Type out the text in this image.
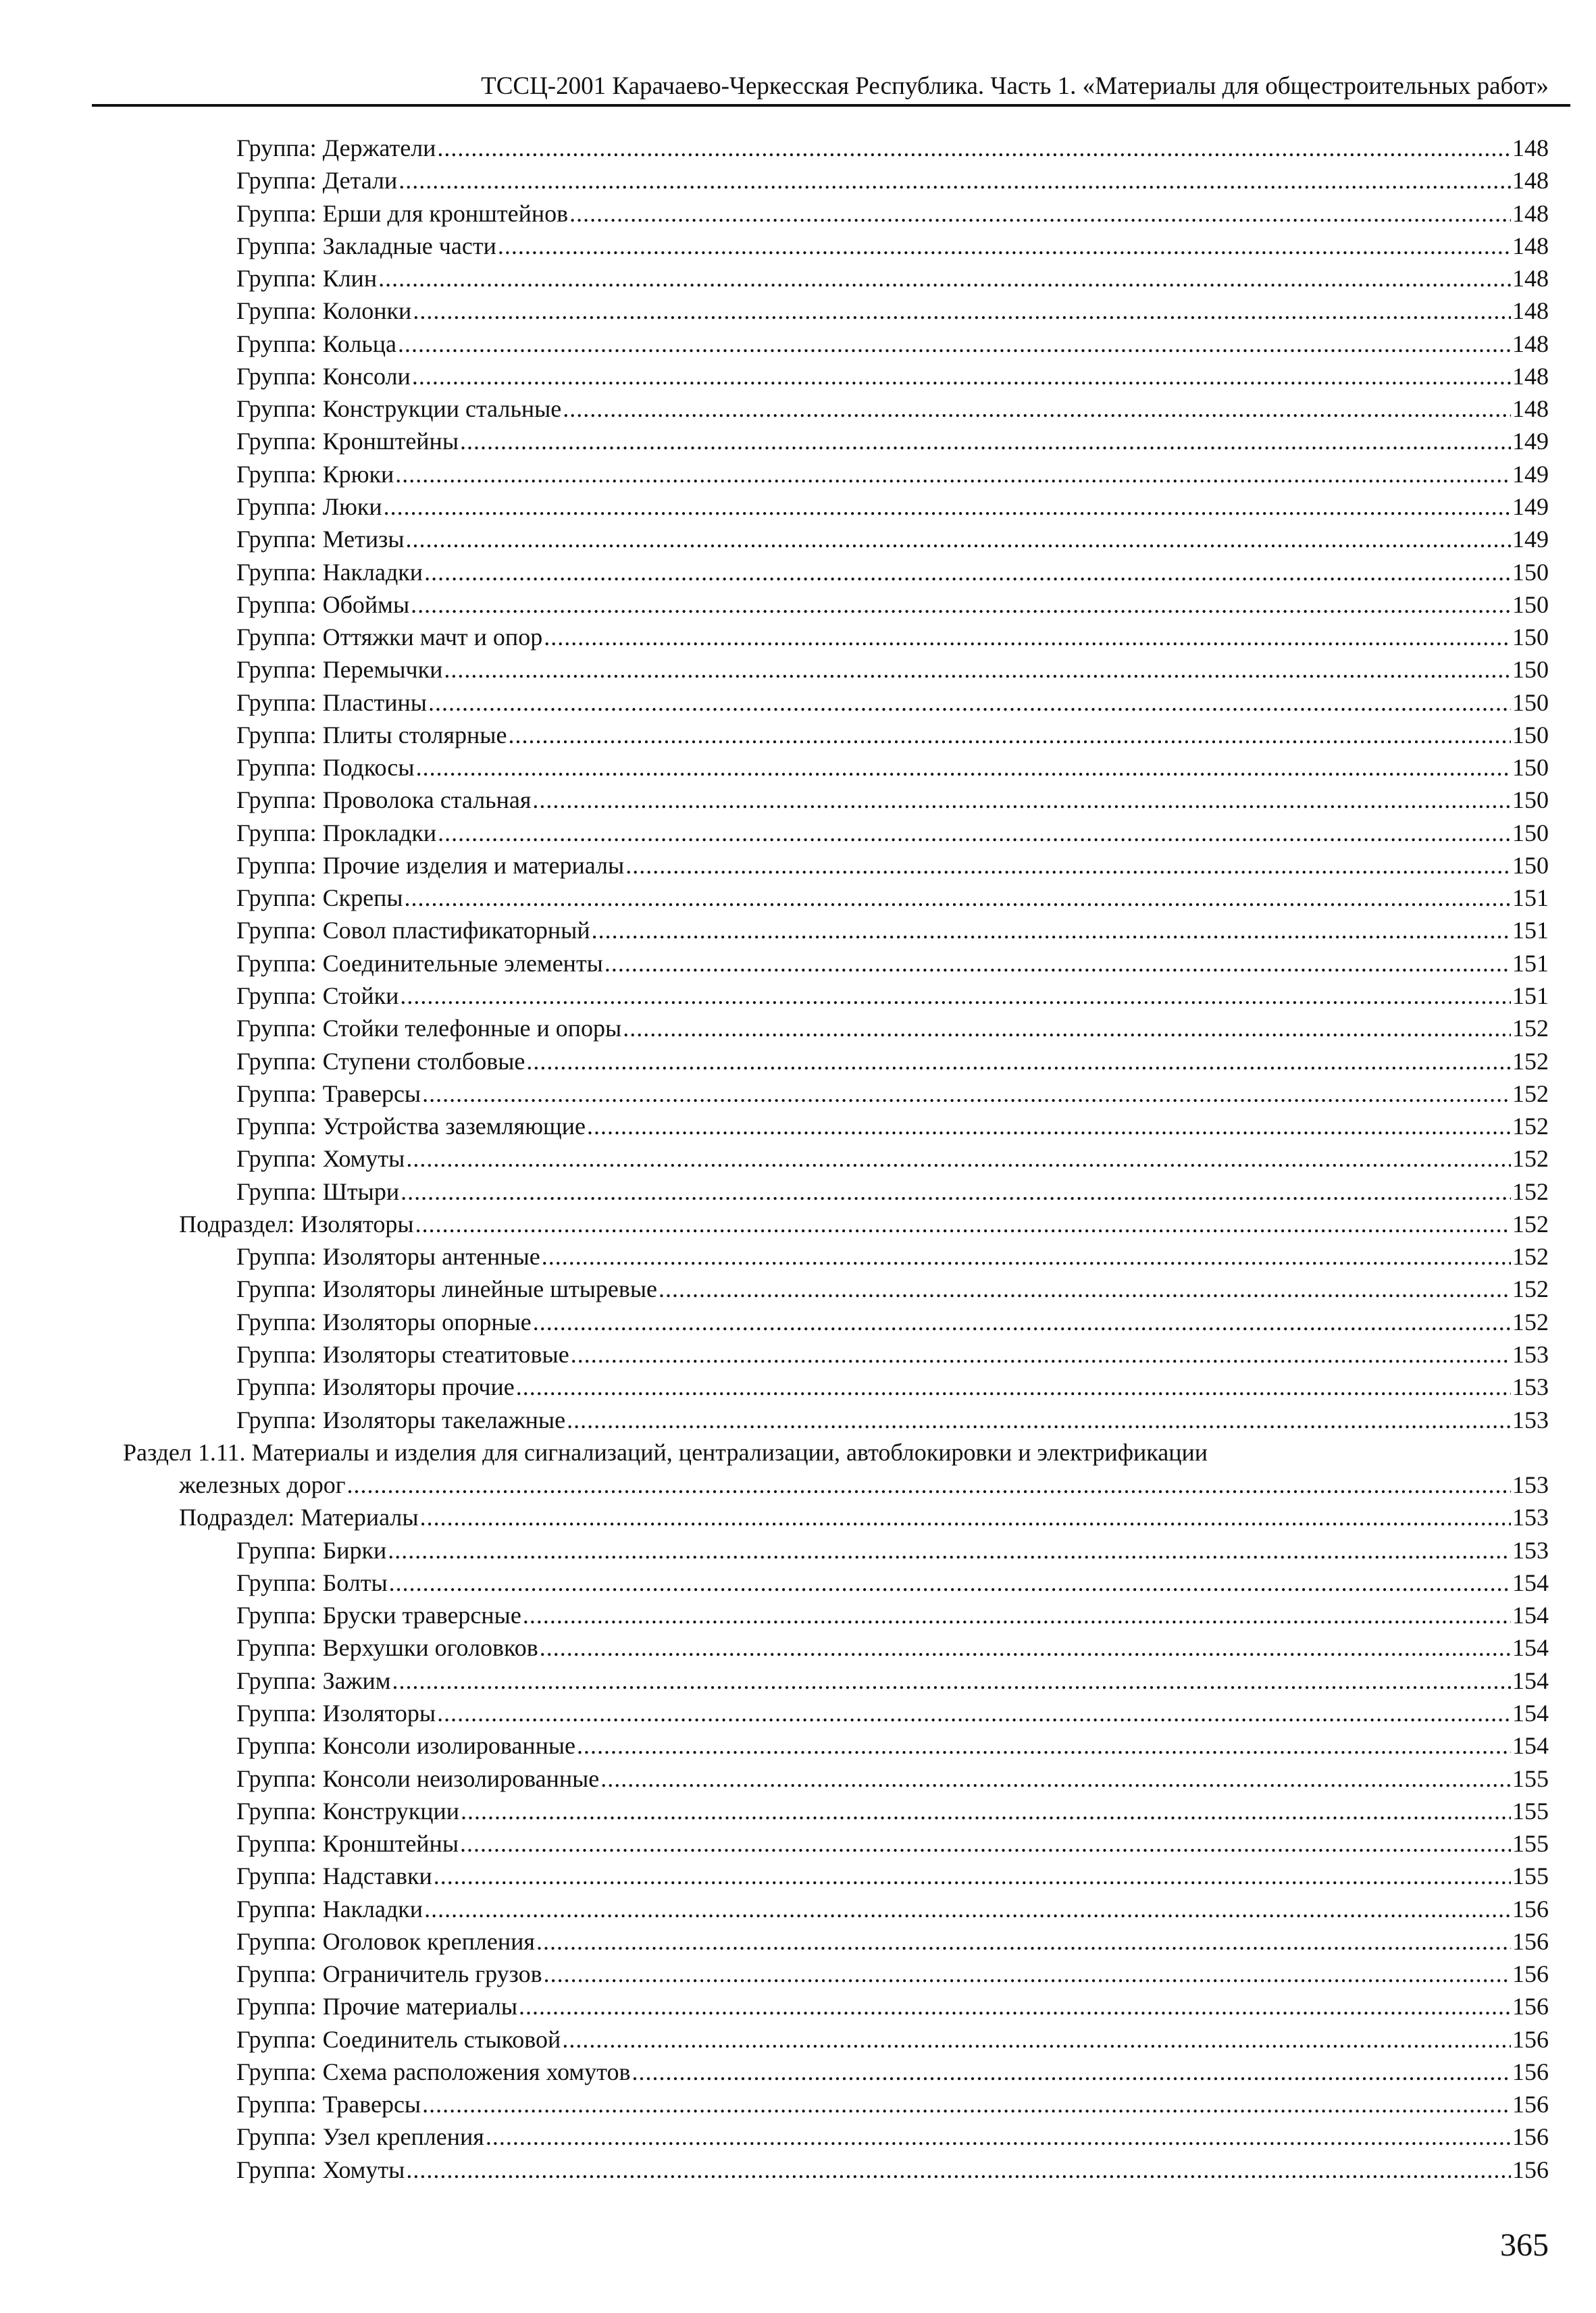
ТССЦ-2001 Карачаево-Черкесская Республика. Часть 1. «Материалы для общестроительных работ»
Группа: Держатели .....	148
Группа: Детали .....	148
Группа: Ерши для кронштейнов .....	148
Группа: Закладные части .....	148
Группа: Клин .....	148
Группа: Колонки .....	148
Группа: Кольца .....	148
Группа: Консоли .....	148
Группа: Конструкции стальные .....	148
Группа: Кронштейны .....	149
Группа: Крюки .....	149
Группа: Люки .....	149
Группа: Метизы .....	149
Группа: Накладки .....	150
Группа: Обоймы .....	150
Группа: Оттяжки мачт и опор .....	150
Группа: Перемычки .....	150
Группа: Пластины .....	150
Группа: Плиты столярные .....	150
Группа: Подкосы .....	150
Группа: Проволока стальная .....	150
Группа: Прокладки .....	150
Группа: Прочие изделия и материалы .....	150
Группа: Скрепы .....	151
Группа: Совол пластификаторный .....	151
Группа: Соединительные элементы .....	151
Группа: Стойки .....	151
Группа: Стойки телефонные и опоры .....	152
Группа: Ступени столбовые .....	152
Группа: Траверсы .....	152
Группа: Устройства заземляющие .....	152
Группа: Хомуты .....	152
Группа: Штыри .....	152
Подраздел: Изоляторы .....	152
Группа: Изоляторы антенные .....	152
Группа: Изоляторы линейные штыревые .....	152
Группа: Изоляторы опорные .....	152
Группа: Изоляторы стеатитовые .....	153
Группа: Изоляторы прочие .....	153
Группа: Изоляторы такелажные .....	153
Раздел 1.11. Материалы и изделия для сигнализаций, централизации, автоблокировки и электрификации
железных дорог .....	153
Подраздел: Материалы .....	153
Группа: Бирки .....	153
Группа: Болты .....	154
Группа: Бруски траверсные .....	154
Группа: Верхушки оголовков .....	154
Группа: Зажим .....	154
Группа: Изоляторы .....	154
Группа: Консоли изолированные .....	154
Группа: Консоли неизолированные .....	155
Группа: Конструкции .....	155
Группа: Кронштейны .....	155
Группа: Надставки .....	155
Группа: Накладки .....	156
Группа: Оголовок крепления .....	156
Группа: Ограничитель грузов .....	156
Группа: Прочие материалы .....	156
Группа: Соединитель стыковой .....	156
Группа: Схема расположения хомутов .....	156
Группа: Траверсы .....	156
Группа: Узел крепления .....	156
Группа: Хомуты .....	156
365
